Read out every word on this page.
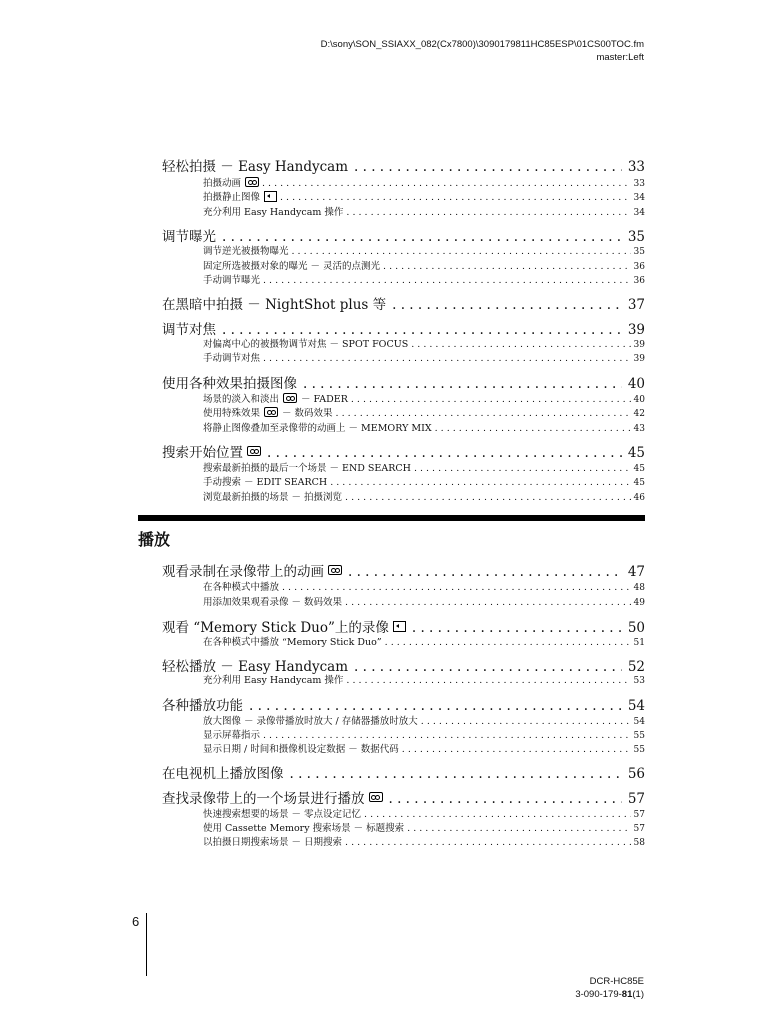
D:\sony\SON_SSIAXX_082(Cx7800)\3090179811HC85ESP\01CS00TOC.fm
master:Left
轻松拍摄 － Easy Handycam . . .	33
拍摄动画 . . .	33
拍摄静止图像 . . .	34
充分利用 Easy Handycam 操作 . . .	34
调节曝光 . . .	35
调节逆光被摄物曝光 . . .	35
固定所选被摄对象的曝光 － 灵活的点测光 . . .	36
手动调节曝光 . . .	36
在黑暗中拍摄 － NightShot plus 等 . . .	37
调节对焦 . . .	39
对偏离中心的被摄物调节对焦 － SPOT FOCUS . . .	39
手动调节对焦 . . .	39
使用各种效果拍摄图像 . . .	40
场景的淡入和淡出 － FADER . . .	40
使用特殊效果 － 数码效果 . . .	42
将静止图像叠加至录像带的动画上 － MEMORY MIX . . .	43
搜索开始位置 . . .	45
搜索最新拍摄的最后一个场景 － END SEARCH . . .	45
手动搜索 － EDIT SEARCH . . .	45
浏览最新拍摄的场景 － 拍摄浏览 . . .	46
观看录制在录像带上的动画 . . .	47
在各种模式中播放 . . .	48
用添加效果观看录像 － 数码效果 . . .	49
观看 “Memory Stick Duo”上的录像 . . .	50
在各种模式中播放 “Memory Stick Duo” . . .	51
轻松播放 － Easy Handycam . . .	52
充分利用 Easy Handycam 操作 . . .	53
各种播放功能 . . .	54
放大图像 － 录像带播放时放大 / 存储器播放时放大 . . .	54
显示屏幕指示 . . .	55
显示日期 / 时间和摄像机设定数据 － 数据代码 . . .	55
在电视机上播放图像 . . .	56
查找录像带上的一个场景进行播放 . . .	57
快速搜索想要的场景 － 零点设定记忆 . . .	57
使用 Cassette Memory 搜索场景 － 标题搜索 . . .	57
以拍摄日期搜索场景 － 日期搜索 . . .	58
播放
6
DCR-HC85E
3-090-179-81(1)
